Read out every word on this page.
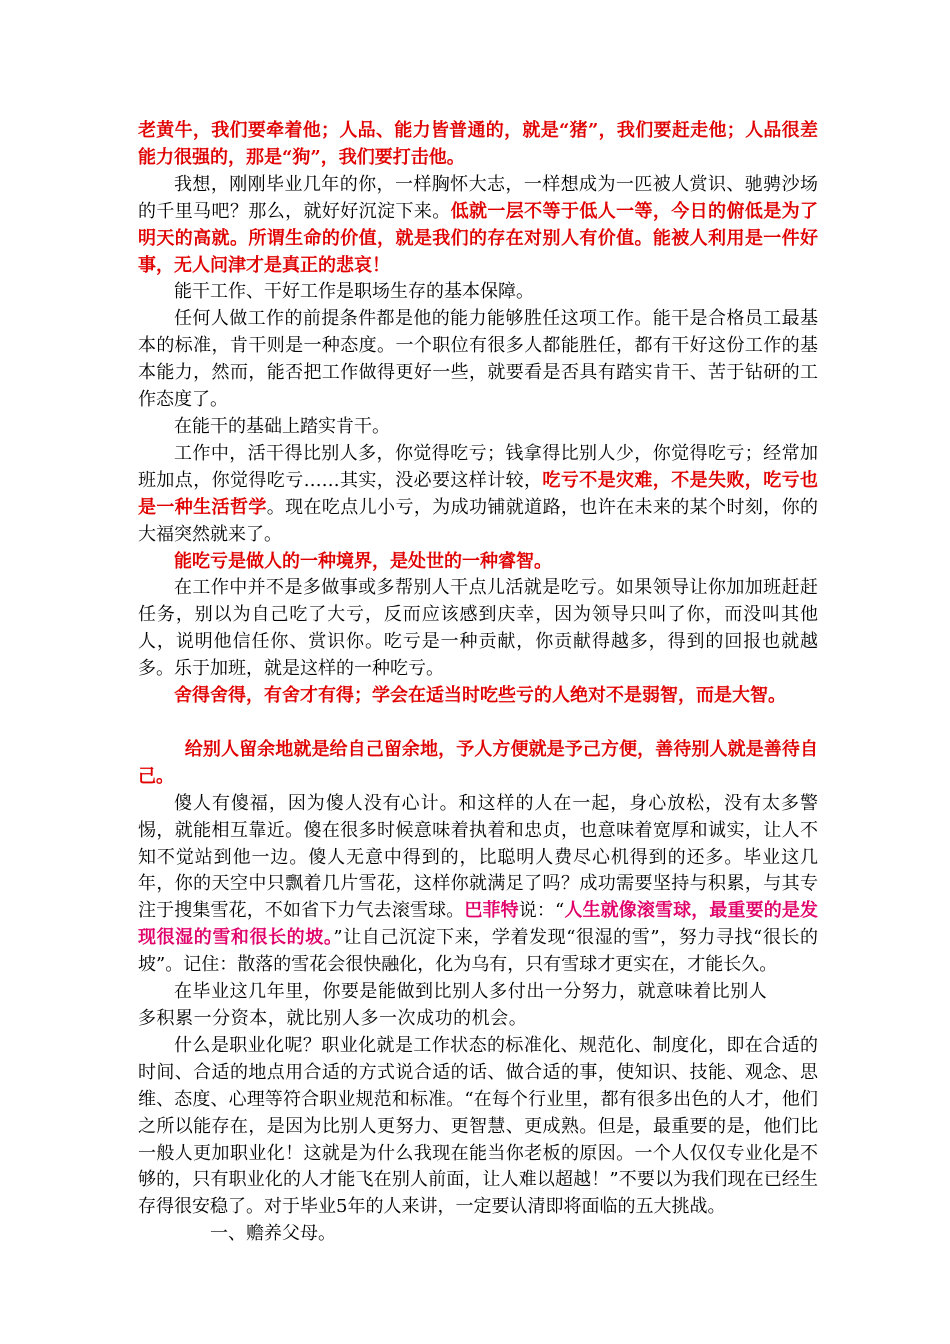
老黄牛，我们要牵着他；人品、能力皆普通的，就是“猪”，我们要赶走他；人品很差能力很强的，那是“狗”，我们要打击他。

我想，刚刚毕业几年的你，一样胸怀大志，一样想成为一匹被人赏识、驰骋沙场的千里马吧？那么，就好好沉淀下来。低就一层不等于低人一等，今日的俯低是为了明天的高就。所谓生命的价值，就是我们的存在对别人有价值。能被人利用是一件好事，无人问津才是真正的悲哀！

能干工作、干好工作是职场生存的基本保障。

任何人做工作的前提条件都是他的能力能够胜任这项工作。能干是合格员工最基本的标准，肯干则是一种态度。一个职位有很多人都能胜任，都有干好这份工作的基本能力，然而，能否把工作做得更好一些，就要看是否具有踏实肯干、苦于钻研的工作态度了。

在能干的基础上踏实肯干。

工作中，活干得比别人多，你觉得吃亏；钱拿得比别人少，你觉得吃亏；经常加班加点，你觉得吃亏……其实，没必要这样计较，吃亏不是灾难，不是失败，吃亏也是一种生活哲学。现在吃点儿小亏，为成功铺就道路，也许在未来的某个时刻，你的大福突然就来了。

能吃亏是做人的一种境界，是处世的一种睿智。

在工作中并不是多做事或多帮别人干点儿活就是吃亏。如果领导让你加加班赶赶任务，别以为自己吃了大亏，反而应该感到庆幸，因为领导只叫了你，而没叫其他人，说明他信任你、赏识你。吃亏是一种贡献，你贡献得越多，得到的回报也就越多。乐于加班，就是这样的一种吃亏。

舍得舍得，有舍才有得；学会在适当时吃些亏的人绝对不是弱智，而是大智。

给别人留余地就是给自己留余地，予人方便就是予己方便，善待别人就是善待自己。

傻人有傻福，因为傻人没有心计。和这样的人在一起，身心放松，没有太多警惕，就能相互靠近。傻在很多时候意味着执着和忠贞，也意味着宽厚和诚实，让人不知不觉站到他一边。傻人无意中得到的，比聪明人费尽心机得到的还多。毕业这几年，你的天空中只飘着几片雪花，这样你就满足了吗？成功需要坚持与积累，与其专注于搜集雪花，不如省下力气去滚雪球。巴菲特说：“人生就像滚雪球，最重要的是发现很湿的雪和很长的坡。”让自己沉淀下来，学着发现“很湿的雪”，努力寻找“很长的坡”。记住：散落的雪花会很快融化，化为乌有，只有雪球才更实在，才能长久。

在毕业这几年里，你要是能做到比别人多付出一分努力，就意味着比别人

多积累一分资本，就比别人多一次成功的机会。

什么是职业化呢？职业化就是工作状态的标准化、规范化、制度化，即在合适的时间、合适的地点用合适的方式说合适的话、做合适的事，使知识、技能、观念、思维、态度、心理等符合职业规范和标准。“在每个行业里，都有很多出色的人才，他们之所以能存在，是因为比别人更努力、更智慧、更成熟。但是，最重要的是，他们比一般人更加职业化！这就是为什么我现在能当你老板的原因。一个人仅仅专业化是不够的，只有职业化的人才能飞在别人前面，让人难以超越！”不要以为我们现在已经生存得很安稳了。对于毕业5年的人来讲，一定要认清即将面临的五大挑战。

一、赡养父母。
